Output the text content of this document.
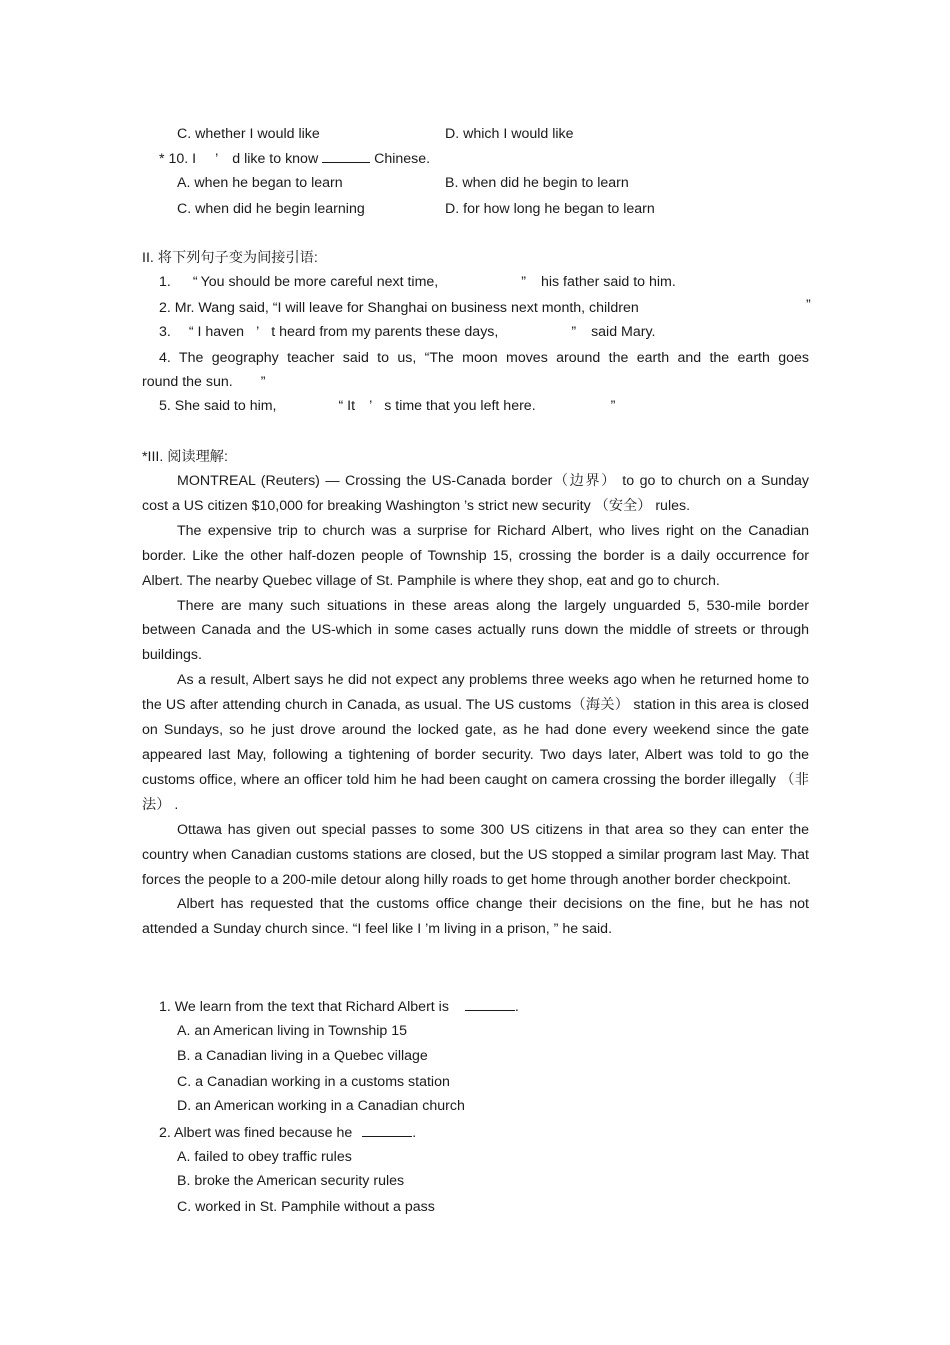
C. whether I would like	D. which I would like
* 10. I ’ d like to know	Chinese.
A. when he began to learn	B. when did he begin to learn
C. when did he begin learning	D. for how long he began to learn
II. 将下列句子变为间接引语:
1. “ You should be more careful next time,	” his father said to him.
2. Mr. Wang said, “I will leave for Shanghai on business next month, children	”
3. “ I haven ’ t heard from my parents these days,	” said Mary.
4. The geography teacher said to us, “The moon moves around the earth and the earth goes
round the sun. ”
5. She said to him,	“ It ’ s time that you left here.	”
*III. 阅读理解:

MONTREAL (Reuters) — Crossing the US-Canada border（边界） to go to church on a Sunday cost a US citizen $10,000 for breaking Washington ’s strict new security （安全） rules.

The expensive trip to church was a surprise for Richard Albert, who lives right on the Canadian border. Like the other half-dozen people of Township 15, crossing the border is a daily occurrence for Albert. The nearby Quebec village of St. Pamphile is where they shop, eat and go to church.

There are many such situations in these areas along the largely unguarded 5, 530-mile border between Canada and the US-which in some cases actually runs down the middle of streets or through buildings.

As a result, Albert says he did not expect any problems three weeks ago when he returned home to the US after attending church in Canada, as usual. The US customs（海关） station in this area is closed on Sundays, so he just drove around the locked gate, as he had done every weekend since the gate appeared last May, following a tightening of border security. Two days later, Albert was told to go the customs office, where an officer told him he had been caught on camera crossing the border illegally （非法） .

Ottawa has given out special passes to some 300 US citizens in that area so they can enter the country when Canadian customs stations are closed, but the US stopped a similar program last May. That forces the people to a 200-mile detour along hilly roads to get home through another border checkpoint.

Albert has requested that the customs office change their decisions on the fine, but he has not attended a Sunday church since. “I feel like I ’m living in a prison, ” he said.

1. We learn from the text that Richard Albert is	.
A. an American living in Township 15
B. a Canadian living in a Quebec village
C. a Canadian working in a customs station
D. an American working in a Canadian church
2. Albert was fined because he	.
A. failed to obey traffic rules
B. broke the American security rules
C. worked in St. Pamphile without a pass
